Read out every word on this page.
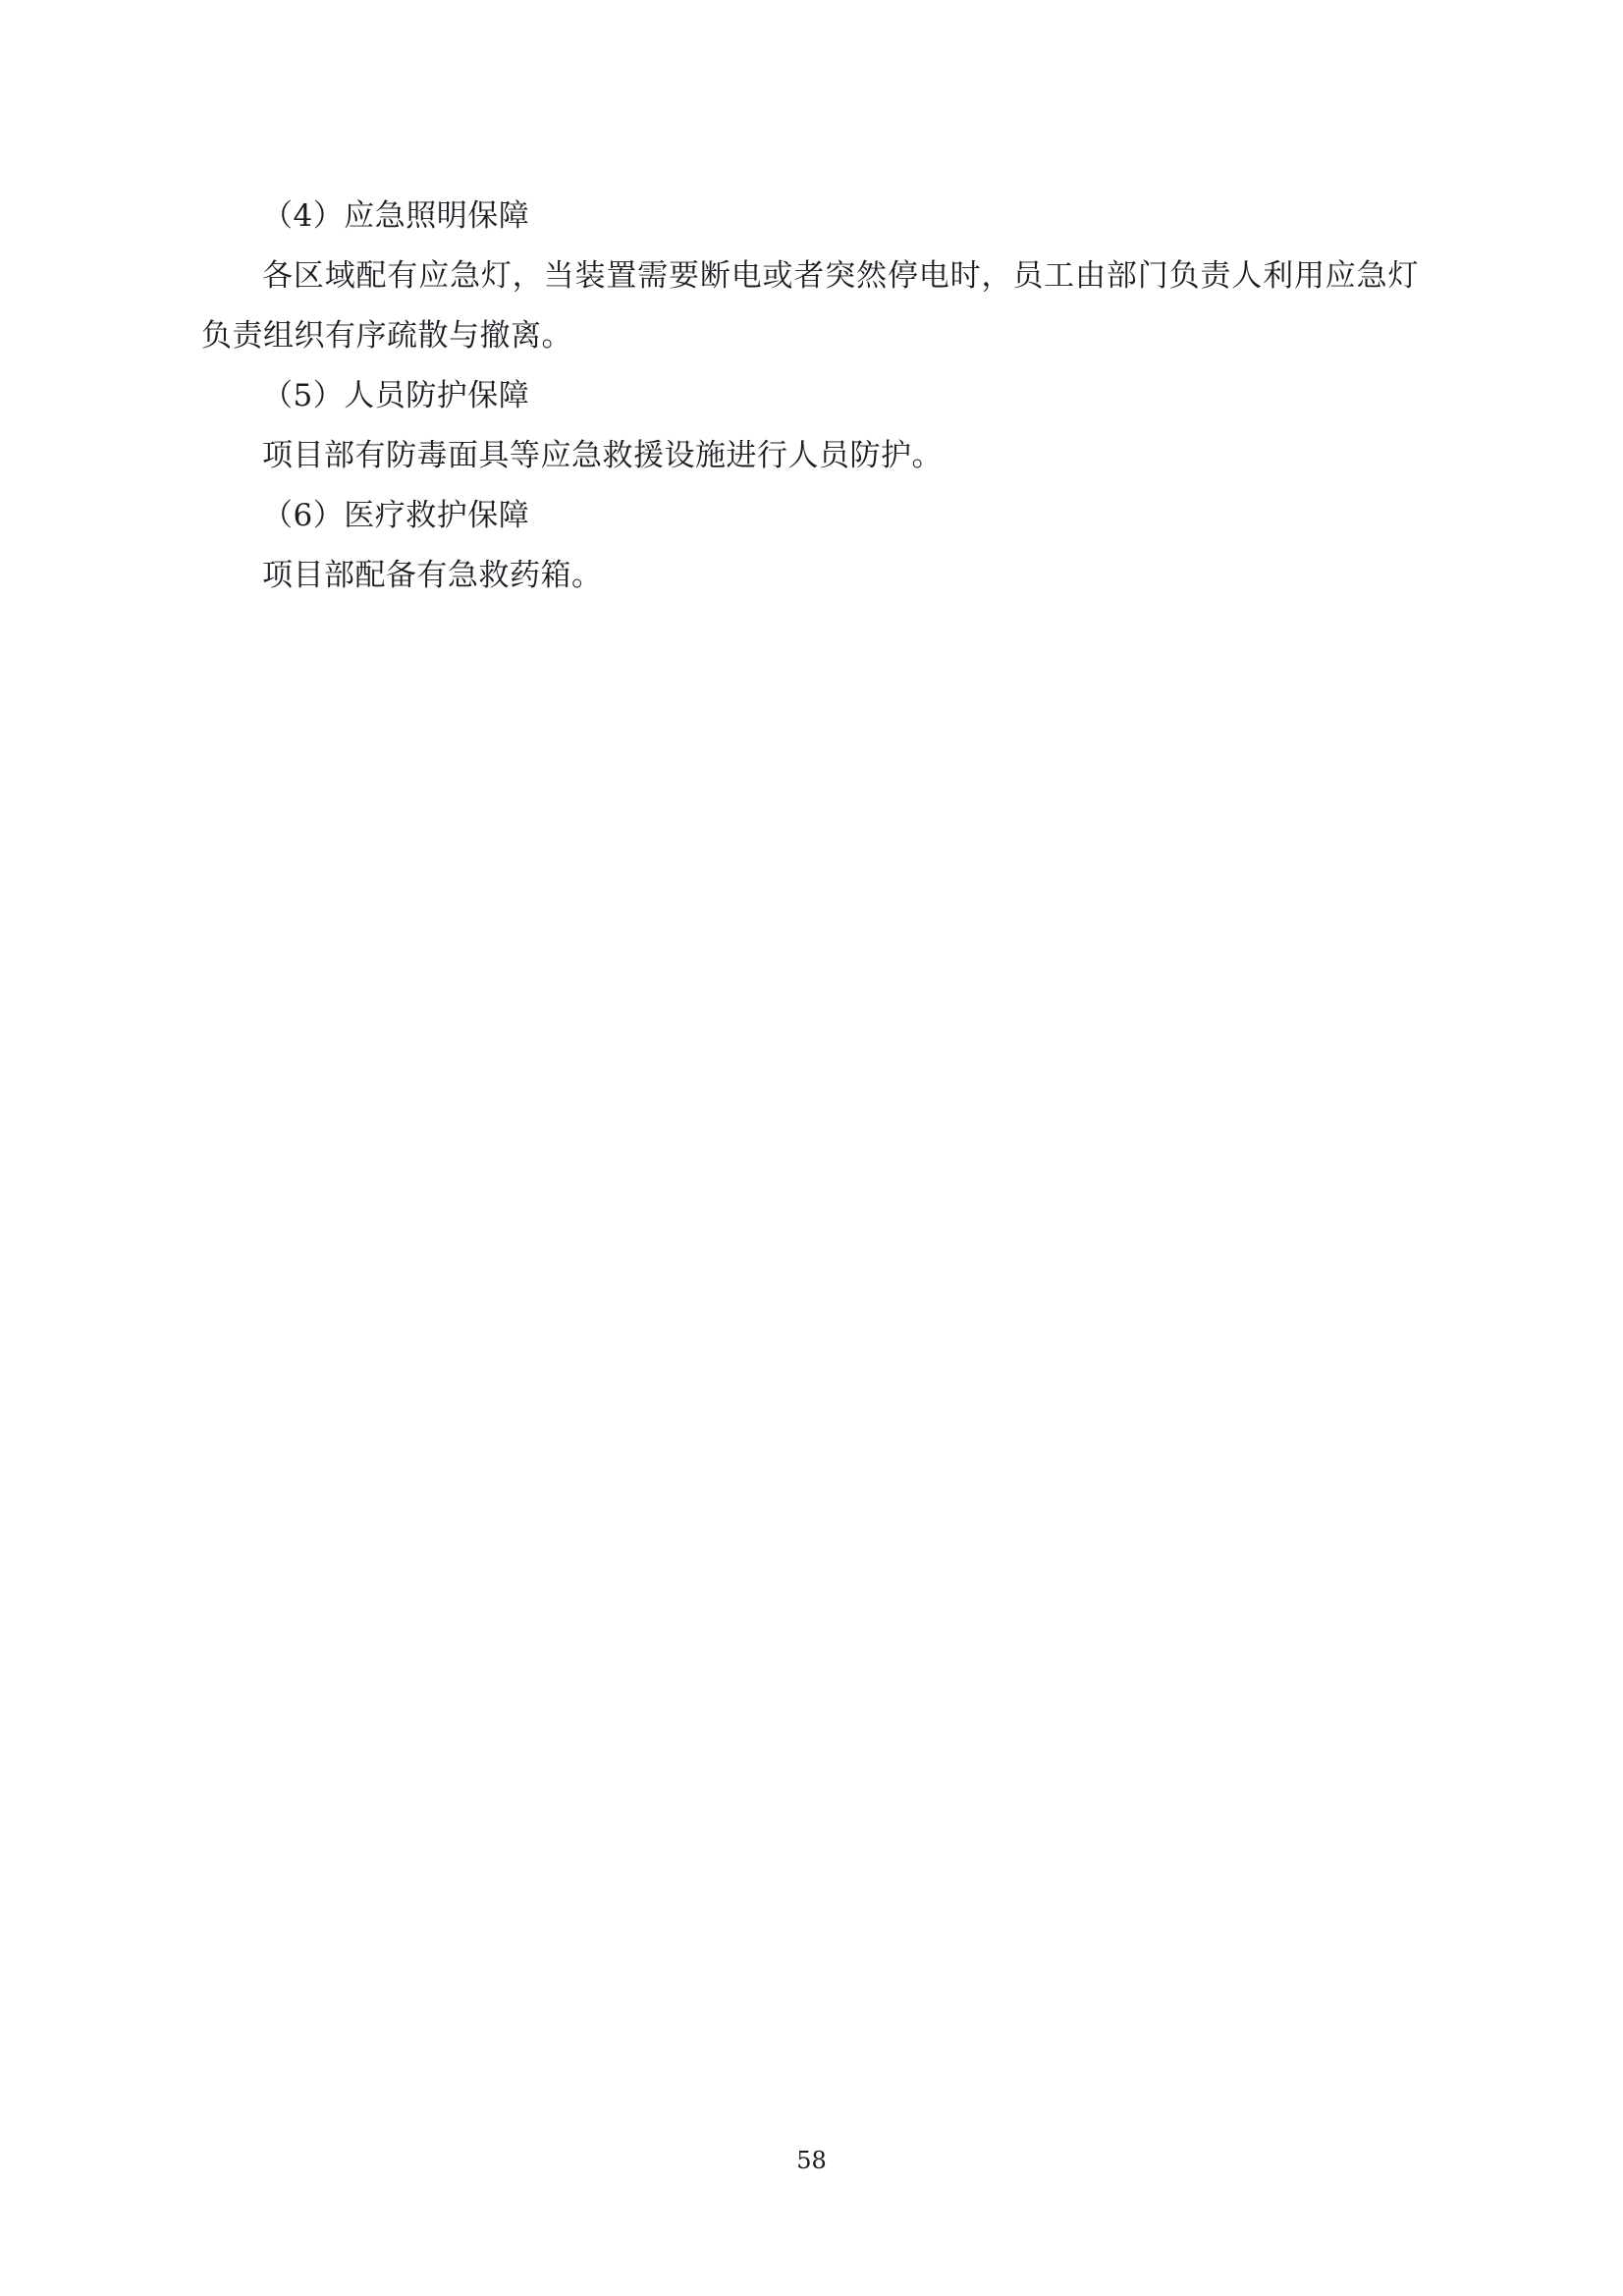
（4）应急照明保障

各区域配有应急灯，当装置需要断电或者突然停电时，员工由部门负责人利用应急灯负责组织有序疏散与撤离。

（5）人员防护保障

项目部有防毒面具等应急救援设施进行人员防护。

（6）医疗救护保障

项目部配备有急救药箱。

58
